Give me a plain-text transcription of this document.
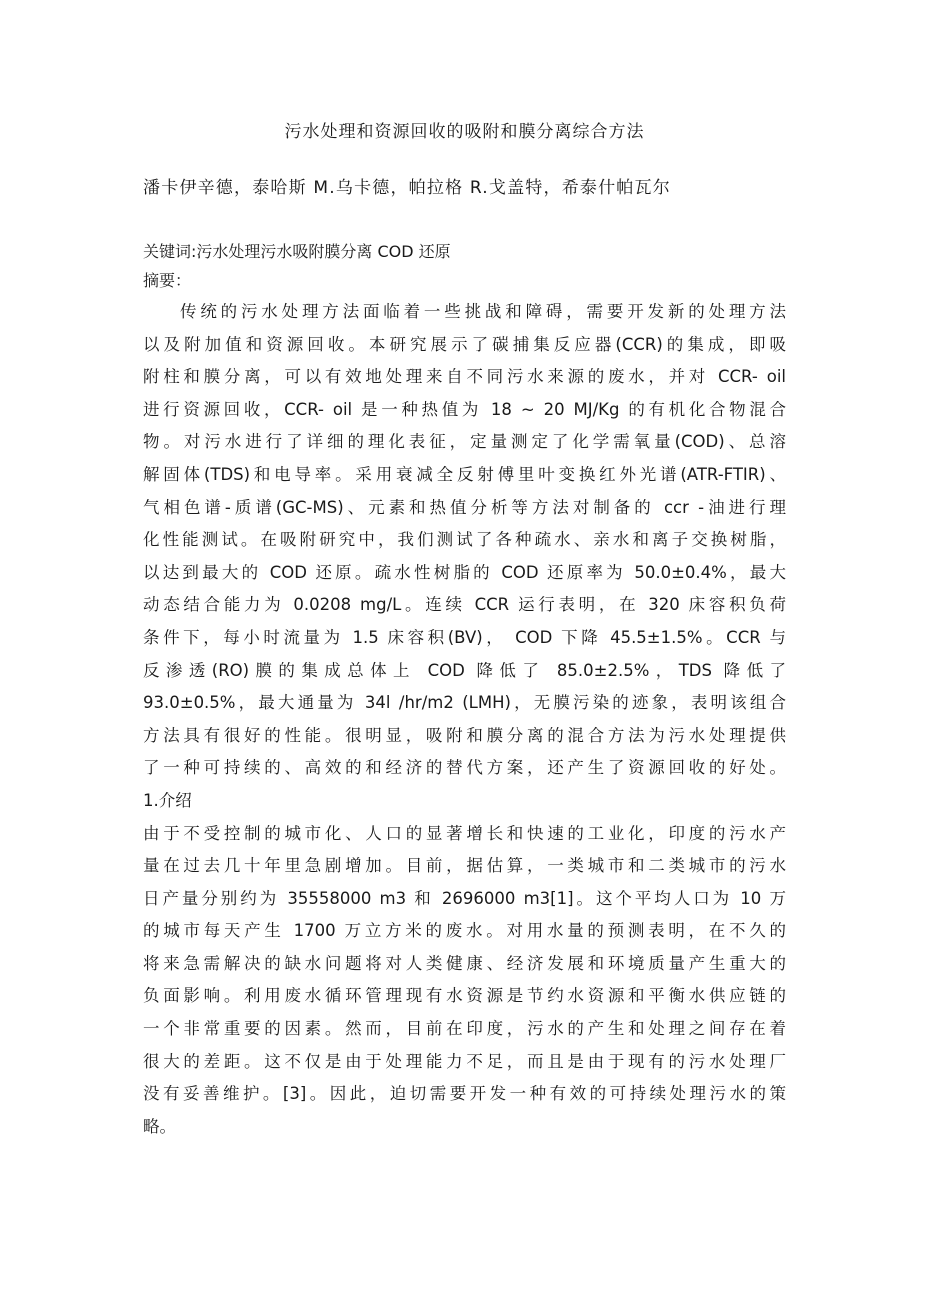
污水处理和资源回收的吸附和膜分离综合方法

潘卡伊辛德，泰哈斯 M.乌卡德，帕拉格 R.戈盖特，希泰什帕瓦尔
关键词:污水处理污水吸附膜分离 COD 还原
摘要：
传统的污水处理方法面临着一些挑战和障碍，需要开发新的处理方法
以及附加值和资源回收。本研究展示了碳捕集反应器(CCR)的集成，即吸
附柱和膜分离，可以有效地处理来自不同污水来源的废水，并对 CCR- oil
进行资源回收，CCR- oil 是一种热值为 18 ~ 20 MJ/Kg 的有机化合物混合
物。对污水进行了详细的理化表征，定量测定了化学需氧量(COD)、总溶
解固体(TDS)和电导率。采用衰减全反射傅里叶变换红外光谱(ATR-FTIR)、
气相色谱-质谱(GC-MS)、元素和热值分析等方法对制备的 ccr -油进行理
化性能测试。在吸附研究中，我们测试了各种疏水、亲水和离子交换树脂，
以达到最大的 COD 还原。疏水性树脂的 COD 还原率为 50.0±0.4%，最大
动态结合能力为 0.0208 mg/L。连续 CCR 运行表明，在 320 床容积负荷
条件下，每小时流量为 1.5 床容积(BV)， COD 下降 45.5±1.5%。CCR 与
反渗透(RO)膜的集成总体上 COD 降低了 85.0±2.5%，TDS 降低了
93.0±0.5%，最大通量为 34l /hr/m2 (LMH)，无膜污染的迹象，表明该组合
方法具有很好的性能。很明显，吸附和膜分离的混合方法为污水处理提供
了一种可持续的、高效的和经济的替代方案，还产生了资源回收的好处。
1.介绍
由于不受控制的城市化、人口的显著增长和快速的工业化，印度的污水产
量在过去几十年里急剧增加。目前，据估算，一类城市和二类城市的污水
日产量分别约为 35558000 m3 和 2696000 m3[1]。这个平均人口为 10 万
的城市每天产生 1700 万立方米的废水。对用水量的预测表明，在不久的
将来急需解决的缺水问题将对人类健康、经济发展和环境质量产生重大的
负面影响。利用废水循环管理现有水资源是节约水资源和平衡水供应链的
一个非常重要的因素。然而，目前在印度，污水的产生和处理之间存在着
很大的差距。这不仅是由于处理能力不足，而且是由于现有的污水处理厂
没有妥善维护。[3]。因此，迫切需要开发一种有效的可持续处理污水的策
略。
